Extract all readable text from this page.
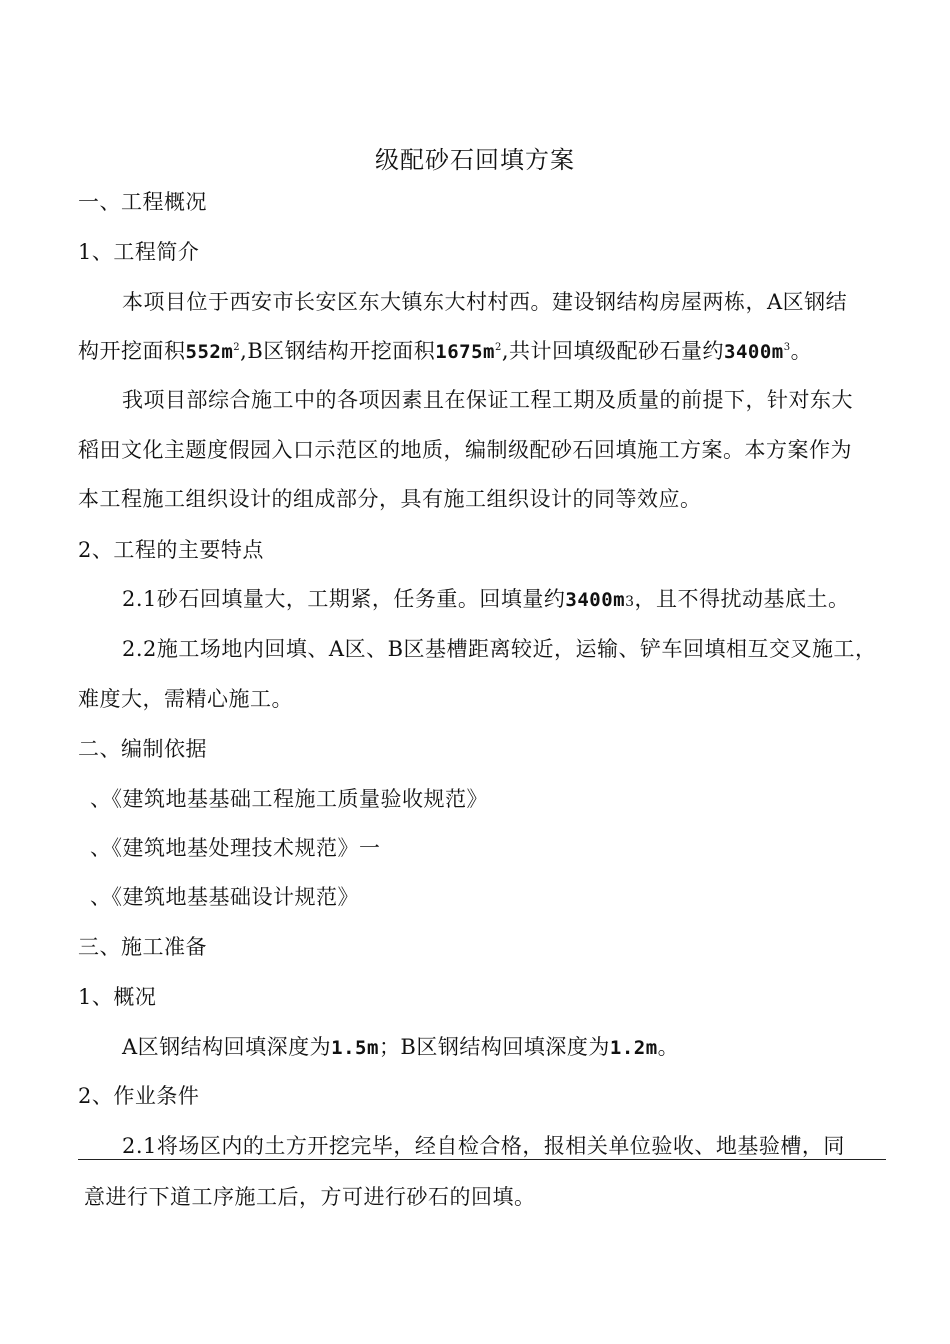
级配砂石回填方案
一、工程概况
1、工程简介
本项目位于西安市长安区东大镇东大村村西。建设钢结构房屋两栋，A区钢结
构开挖面积$552m^2,B$区钢结构开挖面积$1675m^2$,共计回填级配砂石量约$3400m^3$。
我项目部综合施工中的各项因素且在保证工程工期及质量的前提下，针对东大
稻田文化主题度假园入口示范区的地质，编制级配砂石回填施工方案。本方案作为
本工程施工组织设计的组成部分，具有施工组织设计的同等效应。
2、工程的主要特点
2.1砂石回填量大，工期紧，任务重。回填量约3400m3，且不得扰动基底土。
2.2施工场地内回填、A区、B区基槽距离较近，运输、铲车回填相互交叉施工，
难度大，需精心施工。
二、编制依据
、《建筑地基基础工程施工质量验收规范》
、《建筑地基处理技术规范》一
、《建筑地基基础设计规范》
三、施工准备
1、概况
A区钢结构回填深度为1.5m；B区钢结构回填深度为1.2m。
2、作业条件
2.1将场区内的土方开挖完毕，经自检合格，报相关单位验收、地基验槽，同
意进行下道工序施工后，方可进行砂石的回填。
